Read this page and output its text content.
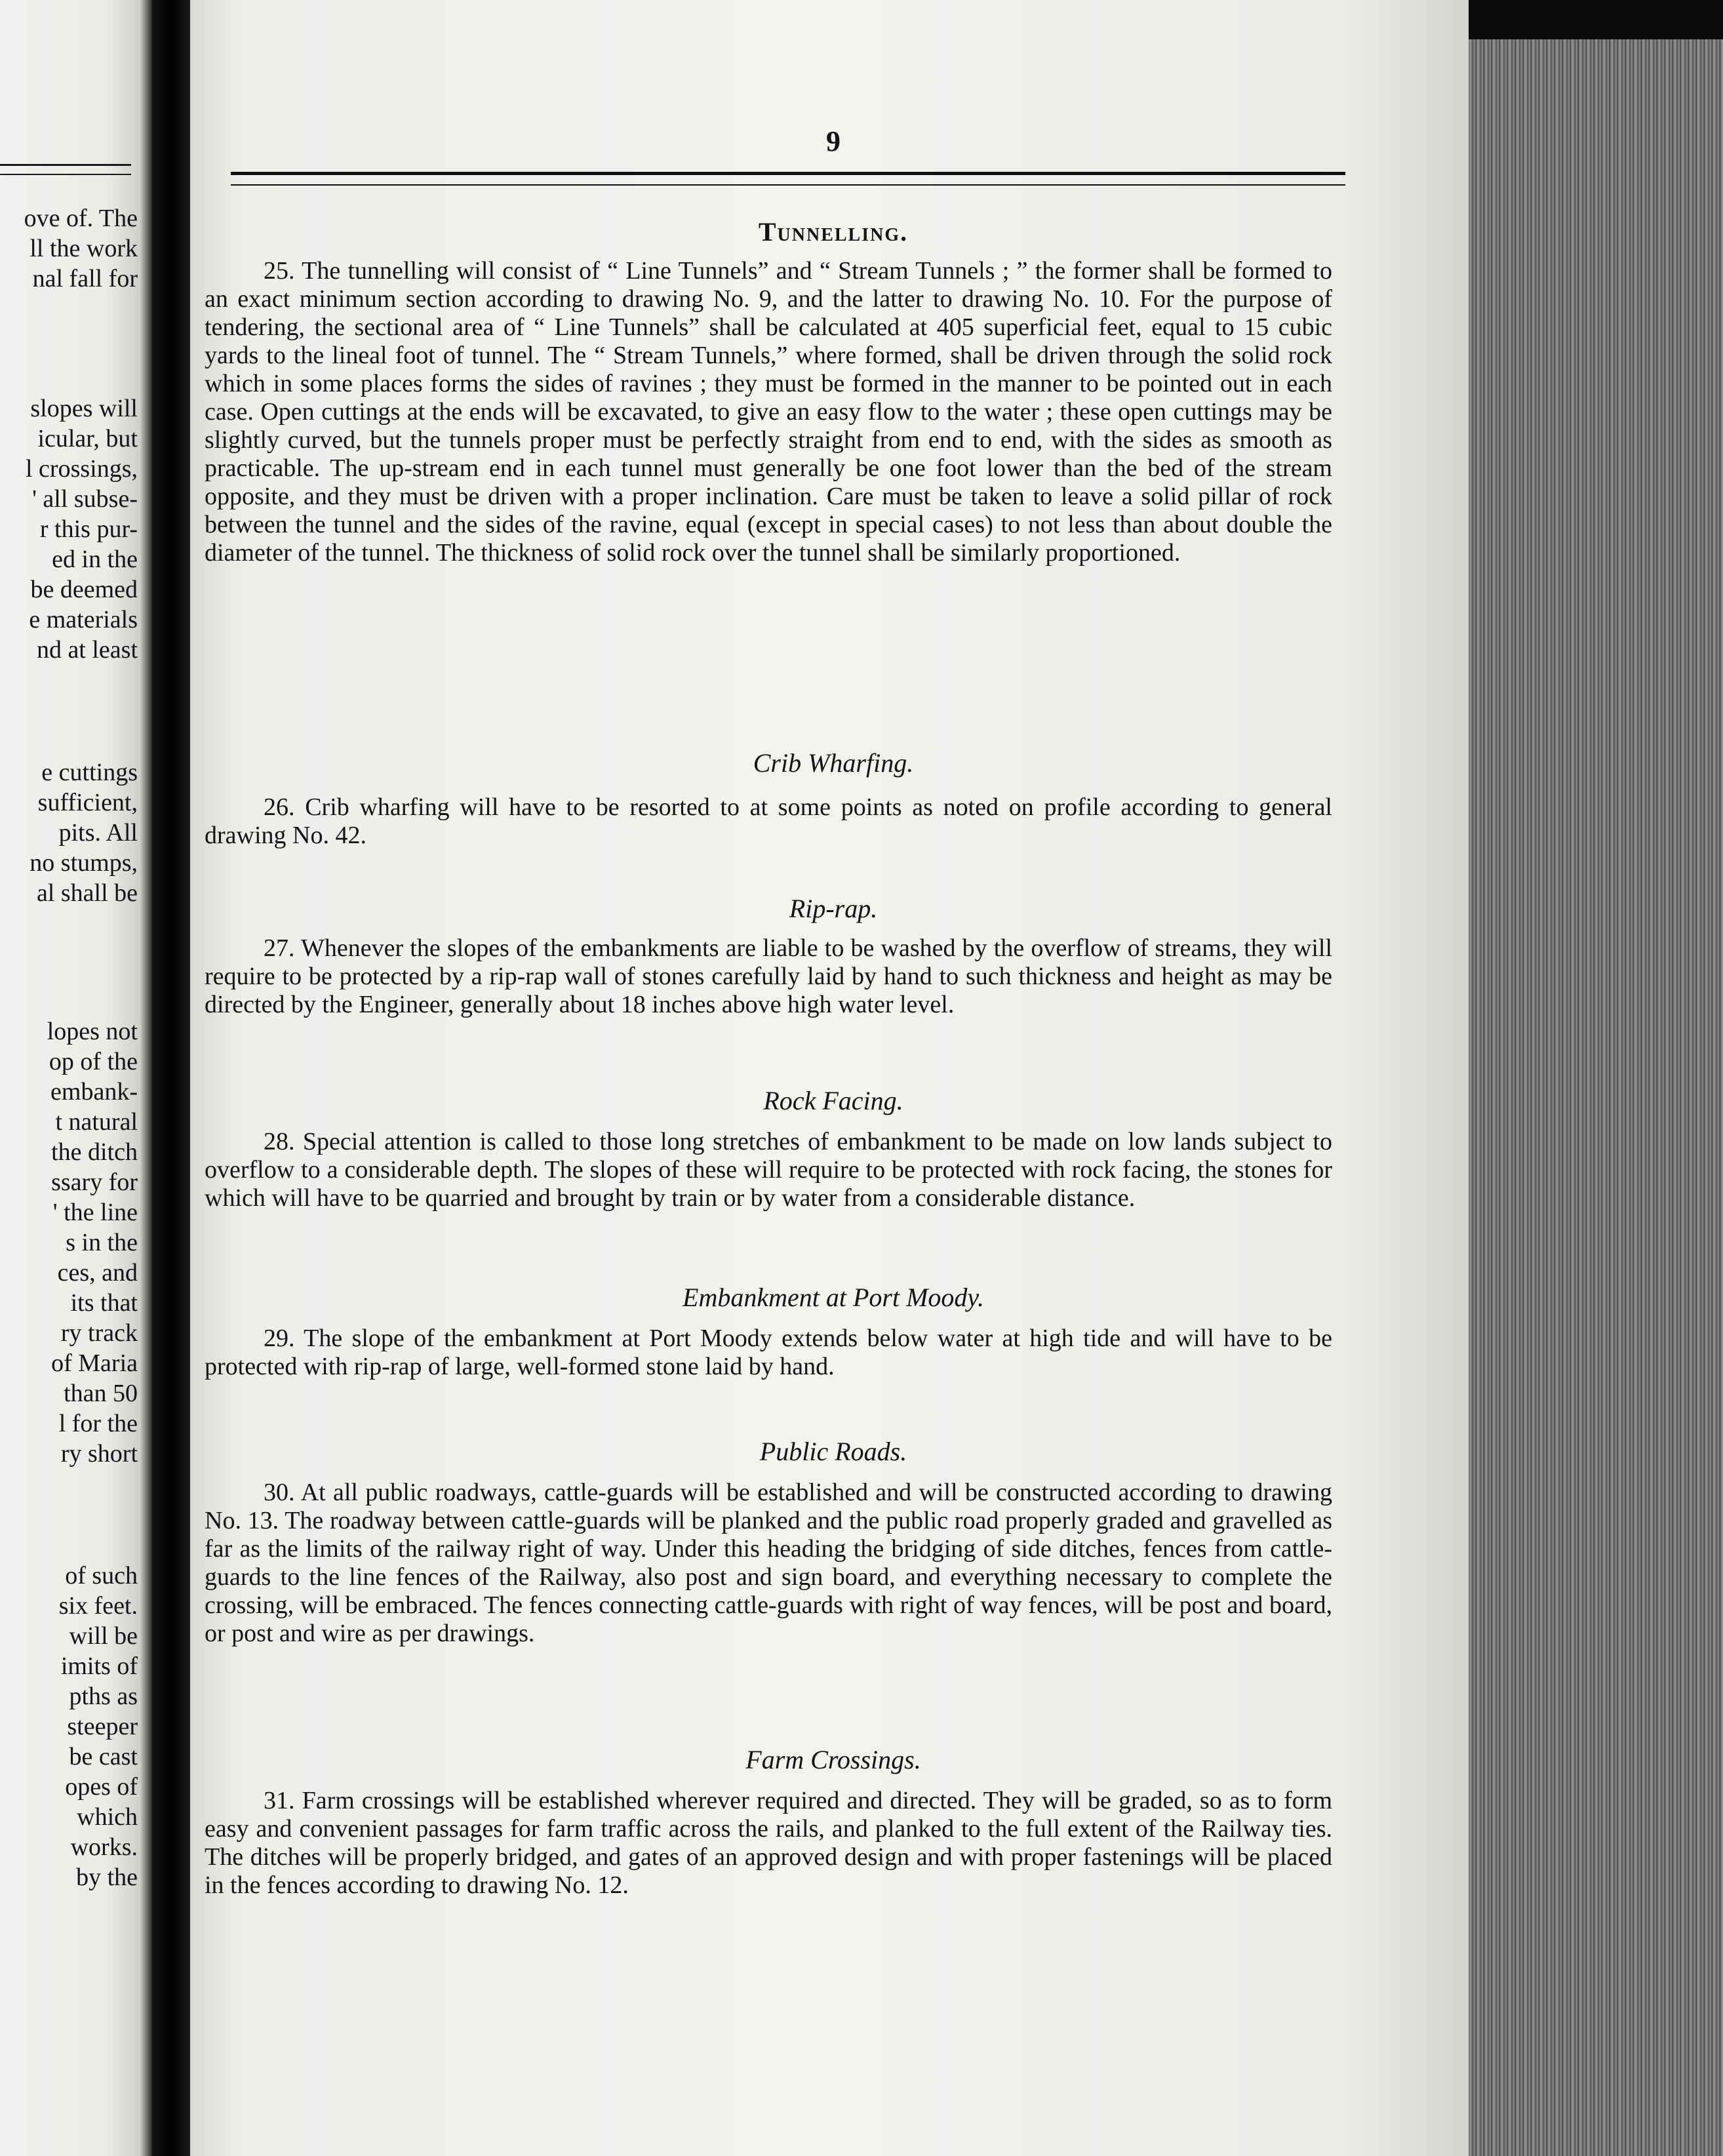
ove of. The
ll the work
nal fall for
slopes will
icular, but
l crossings,
' all subse-
r this pur-
ed in the
be deemed
e materials
nd at least
e cuttings
sufficient,
pits. All
no stumps,
al shall be
lopes not
op of the
embank-
t natural
the ditch
ssary for
' the line
s in the
ces, and
its that
ry track
of Maria
than 50
l for the
ry short
of such
six feet.
will be
imits of
pths as
steeper
be cast
opes of
which
works.
by the
9
Tunnelling.
25. The tunnelling will consist of “ Line Tunnels” and “ Stream Tunnels ; ” the former shall be formed to an exact minimum section according to drawing No. 9, and the latter to drawing No. 10. For the purpose of tendering, the sectional area of “ Line Tunnels” shall be calculated at 405 superficial feet, equal to 15 cubic yards to the lineal foot of tunnel. The “ Stream Tunnels,” where formed, shall be driven through the solid rock which in some places forms the sides of ravines ; they must be formed in the manner to be pointed out in each case. Open cuttings at the ends will be excavated, to give an easy flow to the water ; these open cuttings may be slightly curved, but the tunnels proper must be perfectly straight from end to end, with the sides as smooth as practicable. The up-stream end in each tunnel must generally be one foot lower than the bed of the stream opposite, and they must be driven with a proper inclination. Care must be taken to leave a solid pillar of rock between the tunnel and the sides of the ravine, equal (except in special cases) to not less than about double the diameter of the tunnel. The thickness of solid rock over the tunnel shall be similarly proportioned.
Crib Wharfing.
26. Crib wharfing will have to be resorted to at some points as noted on profile according to general drawing No. 42.
Rip-rap.
27. Whenever the slopes of the embankments are liable to be washed by the overflow of streams, they will require to be protected by a rip-rap wall of stones carefully laid by hand to such thickness and height as may be directed by the Engineer, generally about 18 inches above high water level.
Rock Facing.
28. Special attention is called to those long stretches of embankment to be made on low lands subject to overflow to a considerable depth. The slopes of these will require to be protected with rock facing, the stones for which will have to be quarried and brought by train or by water from a considerable distance.
Embankment at Port Moody.
29. The slope of the embankment at Port Moody extends below water at high tide and will have to be protected with rip-rap of large, well-formed stone laid by hand.
Public Roads.
30. At all public roadways, cattle-guards will be established and will be constructed according to drawing No. 13. The roadway between cattle-guards will be planked and the public road properly graded and gravelled as far as the limits of the railway right of way. Under this heading the bridging of side ditches, fences from cattle-guards to the line fences of the Railway, also post and sign board, and everything necessary to complete the crossing, will be embraced. The fences connecting cattle-guards with right of way fences, will be post and board, or post and wire as per drawings.
Farm Crossings.
31. Farm crossings will be established wherever required and directed. They will be graded, so as to form easy and convenient passages for farm traffic across the rails, and planked to the full extent of the Railway ties. The ditches will be properly bridged, and gates of an approved design and with proper fastenings will be placed in the fences according to drawing No. 12.
